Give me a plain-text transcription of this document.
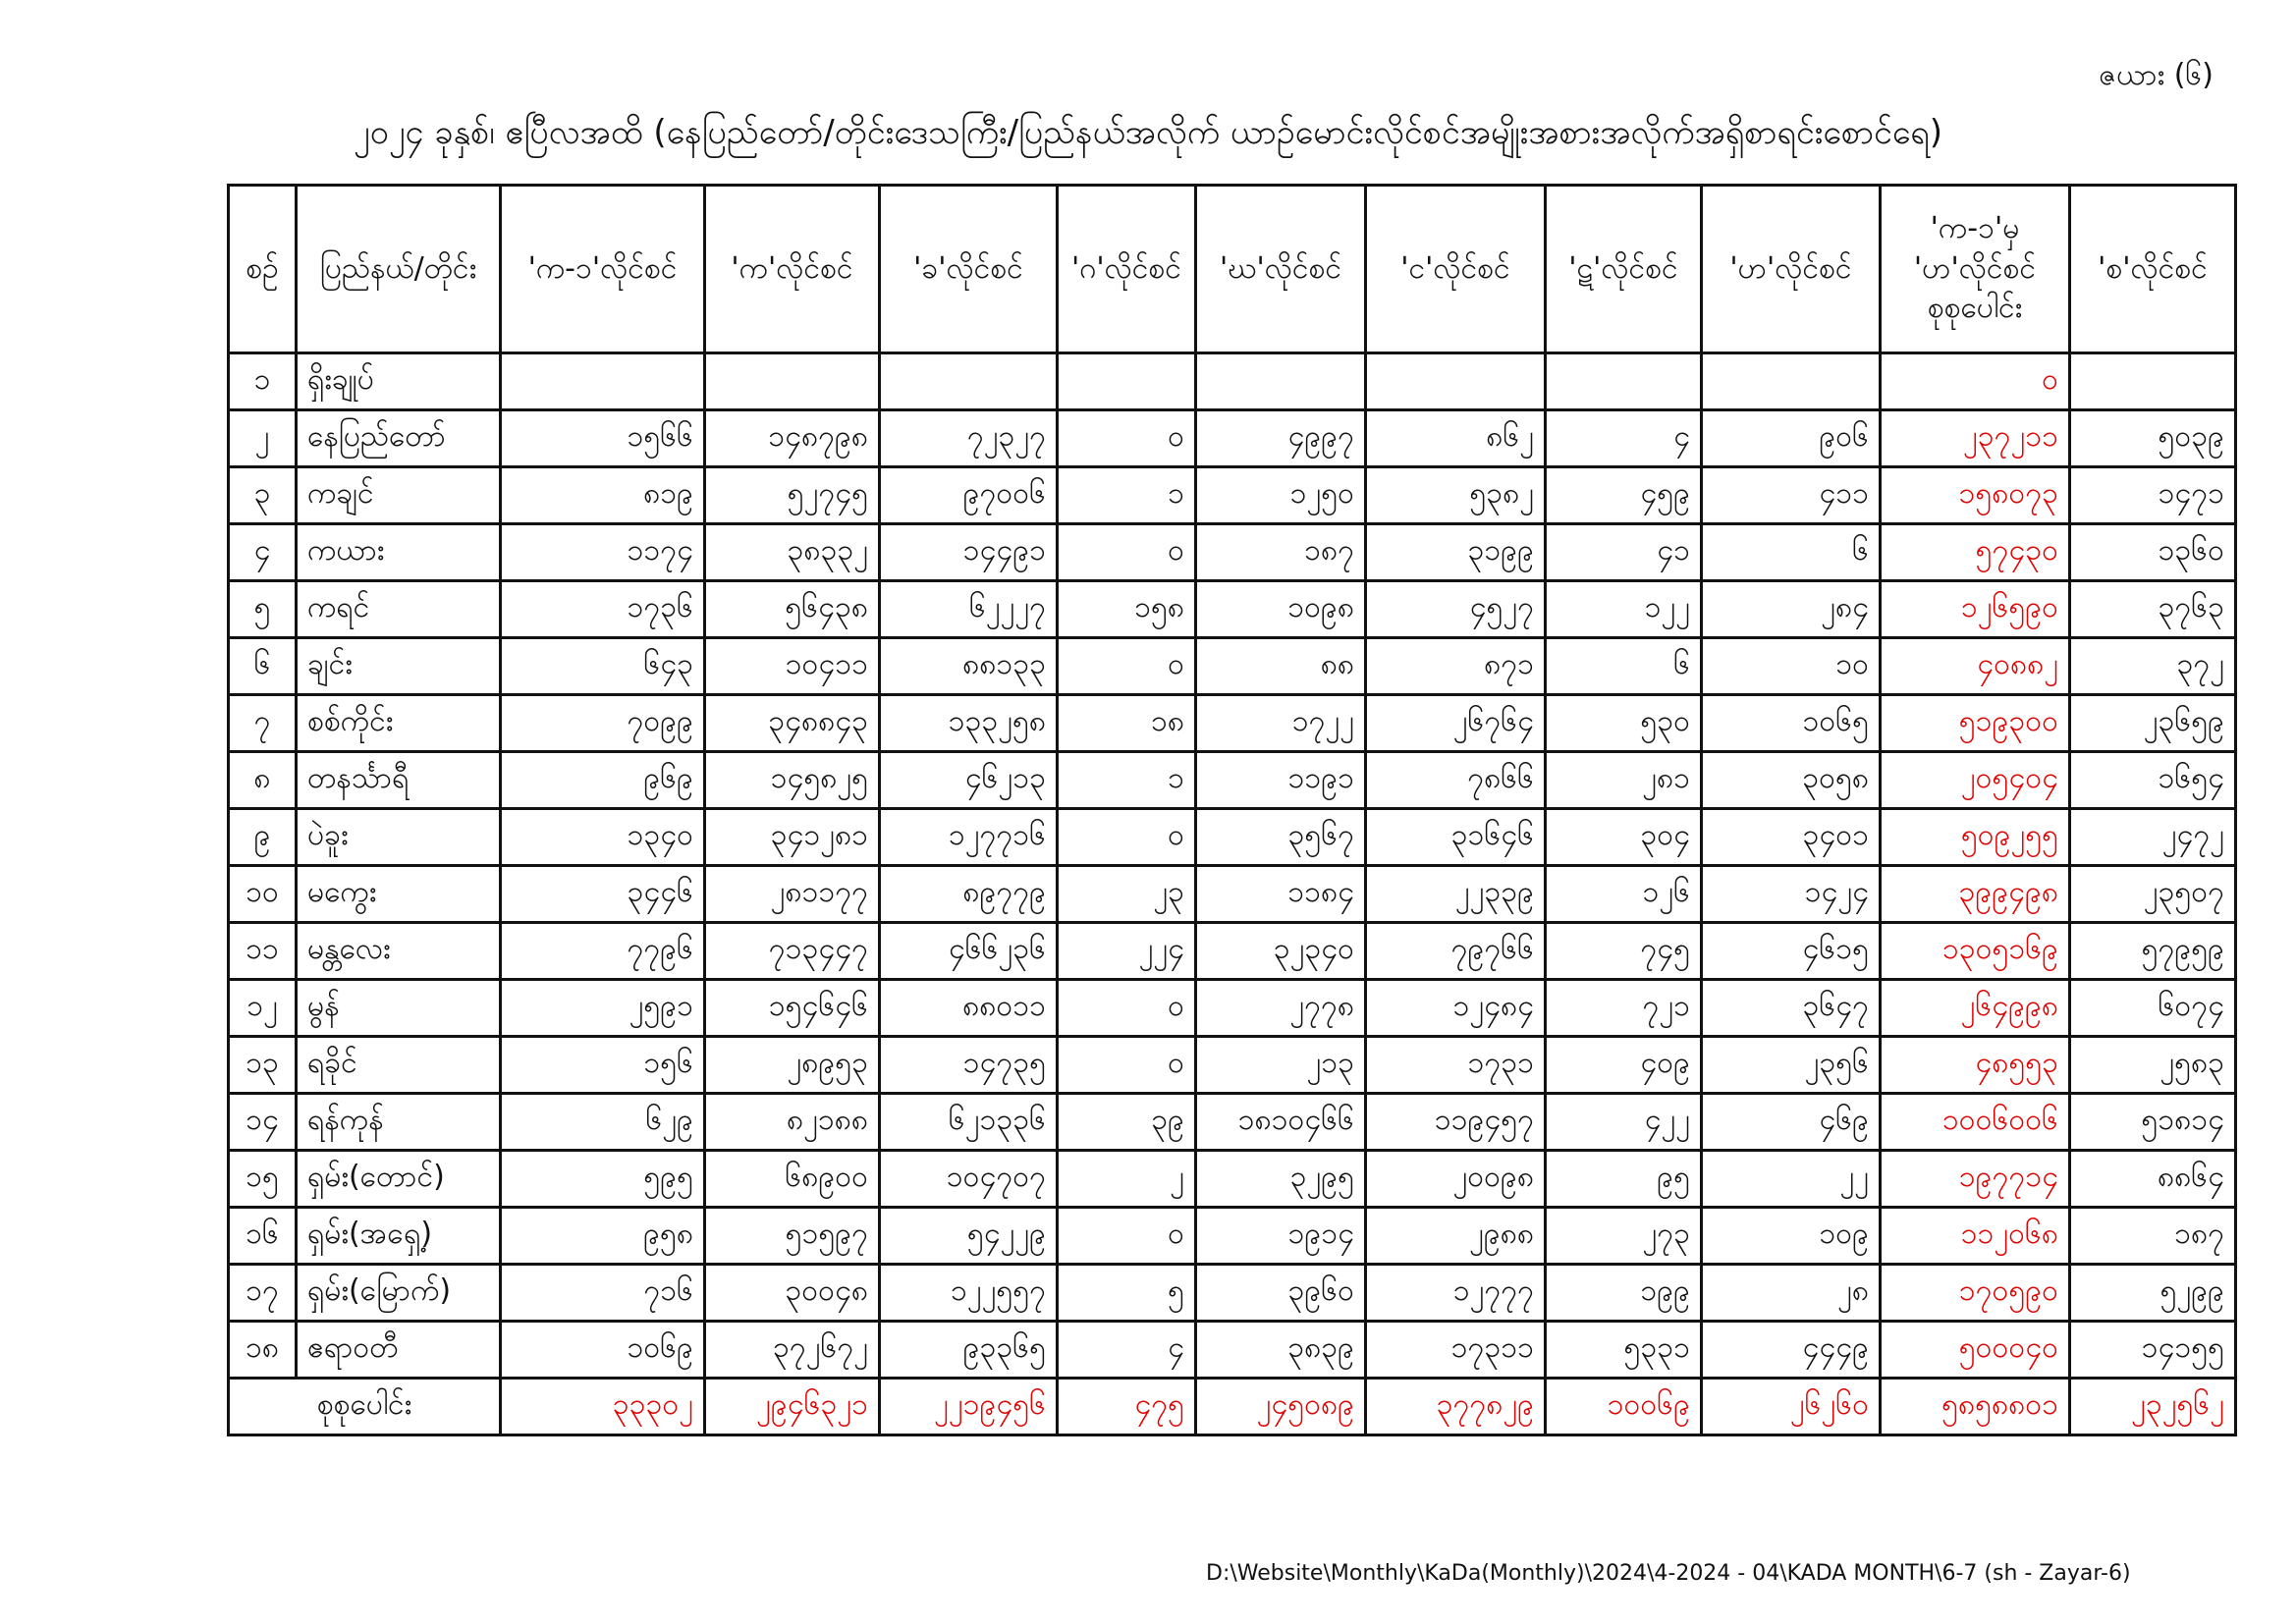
ဇယား (၆)
၂၀၂၄ ခုနှစ်၊ ဧပြီလအထိ (နေပြည်တော်/တိုင်းဒေသကြီး/ပြည်နယ်အလိုက် ယာဉ်မောင်းလိုင်စင်အမျိုးအစားအလိုက်အရှိစာရင်းစောင်ရေ)
စဉ်	ပြည်နယ်/တိုင်း	'က-၁'လိုင်စင်	'က'လိုင်စင်	'ခ'လိုင်စင်	'ဂ'လိုင်စင်	'ဃ'လိုင်စင်	'င'လိုင်စင်	'ဋ'လိုင်စင်	'ဟ'လိုင်စင်	'က-၁'မှ 'ဟ'လိုင်စင် စုစုပေါင်း	'စ'လိုင်စင်
၁	ရှိးချုပ်									၀	
၂	နေပြည်တော်	၁၅၆၆	၁၄၈၇၉၈	၇၂၃၂၇	၀	၄၉၉၇	၈၆၂	၄	၉၀၆	၂၃၇၂၁၁	၅၀၃၉
၃	ကချင်	၈၁၉	၅၂၇၄၅	၉၇၀၀၆	၁	၁၂၅၀	၅၃၈၂	၄၅၉	၄၁၁	၁၅၈၀၇၃	၁၄၇၁
၄	ကယား	၁၁၇၄	၃၈၃၃၂	၁၄၄၉၁	၀	၁၈၇	၃၁၉၉	၄၁	၆	၅၇၄၃၀	၁၃၆၀
၅	ကရင်	၁၇၃၆	၅၆၄၃၈	၆၂၂၂၇	၁၅၈	၁၀၉၈	၄၅၂၇	၁၂၂	၂၈၄	၁၂၆၅၉၀	၃၇၆၃
၆	ချင်း	၆၄၃	၁၀၄၁၁	၈၈၁၃၃	၀	၈၈	၈၇၁	၆	၁၀	၄၀၈၈၂	၃၇၂
၇	စစ်ကိုင်း	၇၀၉၉	၃၄၈၈၄၃	၁၃၃၂၅၈	၁၈	၁၇၂၂	၂၆၇၆၄	၅၃၀	၁၀၆၅	၅၁၉၃၀၀	၂၃၆၅၉
၈	တနင်္သာရီ	၉၆၉	၁၄၅၈၂၅	၄၆၂၁၃	၁	၁၁၉၁	၇၈၆၆	၂၈၁	၃၀၅၈	၂၀၅၄၀၄	၁၆၅၄
၉	ပဲခူး	၁၃၄၀	၃၄၁၂၈၁	၁၂၇၇၁၆	၀	၃၅၆၇	၃၁၆၄၆	၃၀၄	၃၄၀၁	၅၀၉၂၅၅	၂၄၇၂
၁၀	မကွေး	၃၄၄၆	၂၈၁၁၇၇	၈၉၇၇၉	၂၃	၁၁၈၄	၂၂၃၃၉	၁၂၆	၁၄၂၄	၃၉၉၄၉၈	၂၃၅၀၇
၁၁	မန္တလေး	၇၇၉၆	၇၁၃၄၄၇	၄၆၆၂၃၆	၂၂၄	၃၂၃၄၀	၇၉၇၆၆	၇၄၅	၄၆၁၅	၁၃၀၅၁၆၉	၅၇၉၅၉
၁၂	မွန်	၂၅၉၁	၁၅၄၆၄၆	၈၈၀၁၁	၀	၂၇၇၈	၁၂၄၈၄	၇၂၁	၃၆၄၇	၂၆၄၉၉၈	၆၀၇၄
၁၃	ရခိုင်	၁၅၆	၂၈၉၅၃	၁၄၇၃၅	၀	၂၁၃	၁၇၃၁	၄၀၉	၂၃၅၆	၄၈၅၅၃	၂၅၈၃
၁၄	ရန်ကုန်	၆၂၉	၈၂၁၈၈	၆၂၁၃၃၆	၃၉	၁၈၁၀၄၆၆	၁၁၉၄၅၇	၄၂၂	၄၆၉	၁၀၀၆၀၀၆	၅၁၈၁၄
၁၅	ရှမ်း(တောင်)	၅၉၅	၆၈၉၀၀	၁၀၄၇၀၇	၂	၃၂၉၅	၂၀၀၉၈	၉၅	၂၂	၁၉၇၇၁၄	၈၈၆၄
၁၆	ရှမ်း(အရှေ့)	၉၅၈	၅၁၅၉၇	၅၄၂၂၉	၀	၁၉၁၄	၂၉၈၈	၂၇၃	၁၀၉	၁၁၂၀၆၈	၁၈၇
၁၇	ရှမ်း(မြောက်)	၇၁၆	၃၀၀၄၈	၁၂၂၅၅၇	၅	၃၉၆၀	၁၂၇၇၇	၁၉၉	၂၈	၁၇၀၅၉၀	၅၂၉၉
၁၈	ဧရာဝတီ	၁၀၆၉	၃၇၂၆၇၂	၉၃၃၆၅	၄	၃၈၃၉	၁၇၃၁၁	၅၃၃၁	၄၄၄၉	၅၀၀၀၄၀	၁၄၁၅၅
စုစုပေါင်း		၃၃၃၀၂	၂၉၄၆၃၂၁	၂၂၁၉၄၅၆	၄၇၅	၂၄၅၀၈၉	၃၇၇၈၂၉	၁၀၀၆၉	၂၆၂၆၀	၅၈၅၈၈၀၁	၂၃၂၅၆၂
D:\Website\Monthly\KaDa(Monthly)\2024\4-2024 - 04\KADA MONTH\6-7 (sh - Zayar-6)
